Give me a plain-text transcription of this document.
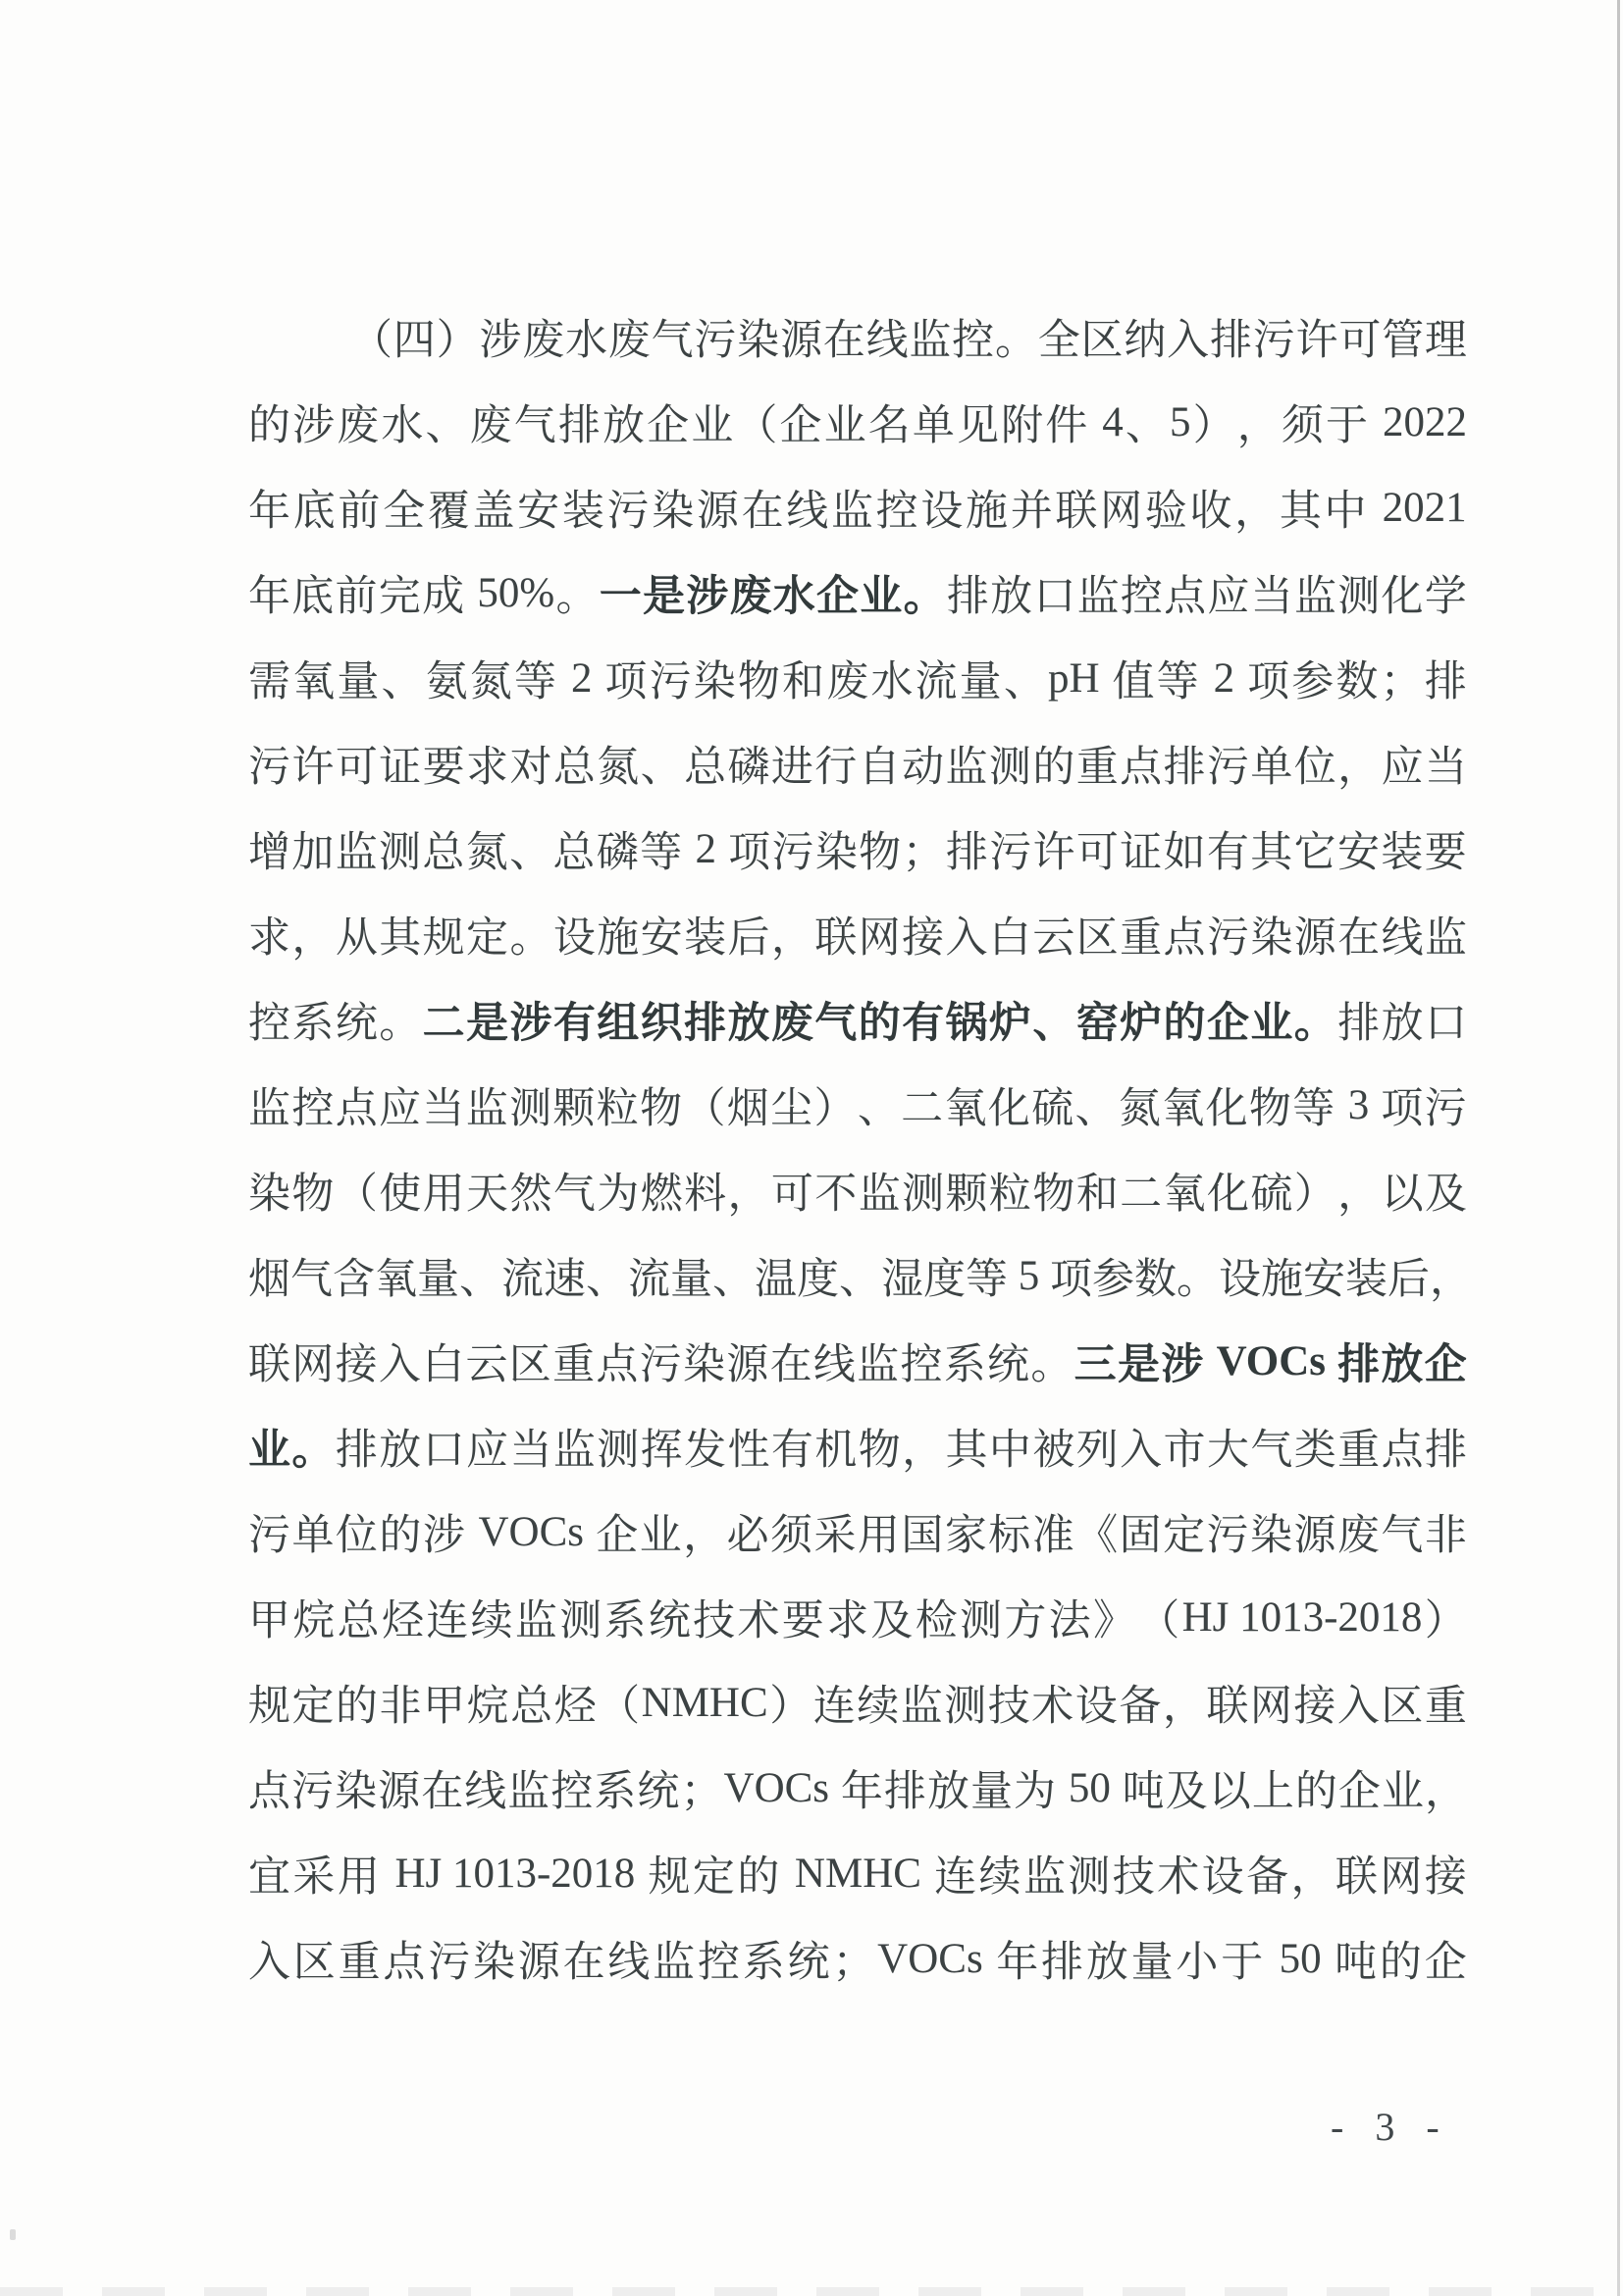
（ 四 ） 涉 废 水 废 气 污 染 源 在 线 监 控 。 全 区 纳 入 排 污 许 可 管 理
的 涉 废 水 、 废 气 排 放 企 业 （ 企 业 名 单 见 附 件
4 、 5 ） ， 须 于
2022
年 底 前 全 覆 盖 安 装 污 染 源 在 线 监 控 设 施 并 联 网 验 收 ， 其 中
2021
年 底 前 完 成
50% 。 一 是 涉 废 水 企 业 。 排 放 口 监 控 点 应 当 监 测 化 学
需 氧 量 、 氨 氮 等
2 项 污 染 物 和 废 水 流 量 、 pH 值 等
2 项 参 数 ； 排
污 许 可 证 要 求 对 总 氮 、 总 磷 进 行 自 动 监 测 的 重 点 排 污 单 位 ， 应 当
增 加 监 测 总 氮 、 总 磷 等
2 项 污 染 物 ； 排 污 许 可 证 如 有 其 它 安 装 要
求 ， 从 其 规 定 。 设 施 安 装 后 ， 联 网 接 入 白 云 区 重 点 污 染 源 在 线 监
控 系 统 。 二 是 涉 有 组 织 排 放 废 气 的 有 锅 炉 、 窑 炉 的 企 业 。 排 放 口
监 控 点 应 当 监 测 颗 粒 物 （ 烟 尘 ） 、 二 氧 化 硫 、 氮 氧 化 物 等
3 项 污
染 物 （ 使 用 天 然 气 为 燃 料 ， 可 不 监 测 颗 粒 物 和 二 氧 化 硫 ） ， 以 及
烟 气 含 氧 量 、 流 速 、 流 量 、 温 度 、 湿 度 等
5 项 参 数 。 设 施 安 装 后 ，
联 网 接 入 白 云 区 重 点 污 染 源 在 线 监 控 系 统 。 三 是 涉
VOCs 排 放 企
业 。 排 放 口 应 当 监 测 挥 发 性 有 机 物 ， 其 中 被 列 入 市 大 气 类 重 点 排
污 单 位 的 涉
VOCs 企 业 ， 必 须 采 用 国 家 标 准 《 固 定 污 染 源 废 气 非
甲 烷 总 烃 连 续 监 测 系 统 技 术 要 求 及 检 测 方 法 》 （ HJ 1013-2018 ）
规 定 的 非 甲 烷 总 烃 （ NMHC ） 连 续 监 测 技 术 设 备 ， 联 网 接 入 区 重
点 污 染 源 在 线 监 控 系 统 ； VOCs 年 排 放 量 为
50 吨 及 以 上 的 企 业 ，
宜 采 用
HJ 1013-2018 规 定 的
NMHC 连 续 监 测 技 术 设 备 ， 联 网 接
入 区 重 点 污 染 源 在 线 监 控 系 统 ； VOCs 年 排 放 量 小 于
50 吨 的 企
- 3 -
